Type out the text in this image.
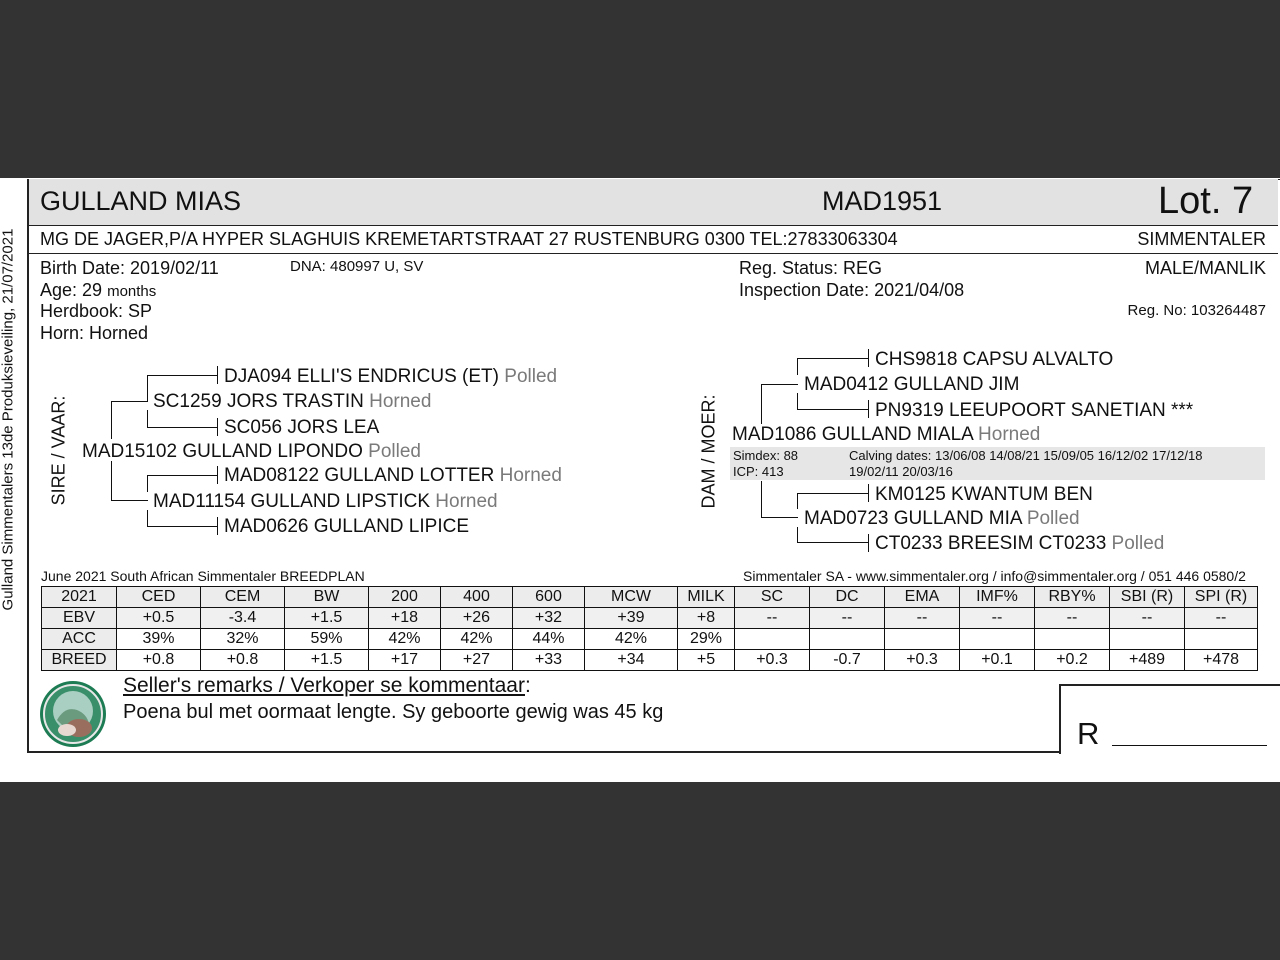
Gulland Simmentalers 13de Produksieveiling, 21/07/2021
GULLAND MIAS	MAD1951	Lot. 7
MG DE JAGER,P/A HYPER SLAGHUIS KREMETARTSTRAAT 27 RUSTENBURG 0300 TEL:27833063304	SIMMENTALER
Birth Date: 2019/02/11	DNA: 480997 U, SV
Age: 29 months
Herdbook: SP
Horn: Horned
Reg. Status: REG
Inspection Date: 2021/04/08
MALE/MANLIK
Reg. No: 103264487
SIRE / VAAR:
DJA094 ELLI'S ENDRICUS (ET) Polled
SC1259 JORS TRASTIN Horned
SC056 JORS LEA
MAD15102 GULLAND LIPONDO Polled
MAD08122 GULLAND LOTTER Horned
MAD11154 GULLAND LIPSTICK Horned
MAD0626 GULLAND LIPICE
DAM / MOER:
CHS9818 CAPSU ALVALTO
MAD0412 GULLAND JIM
PN9319 LEEUPOORT SANETIAN ***
MAD1086 GULLAND MIALA Horned
Simdex: 88
ICP: 413
Calving dates: 13/06/08 14/08/21 15/09/05 16/12/02 17/12/18
19/02/11 20/03/16
KM0125 KWANTUM BEN
MAD0723 GULLAND MIA Polled
CT0233 BREESIM CT0233 Polled
June 2021 South African Simmentaler BREEDPLAN	Simmentaler SA - www.simmentaler.org / info@simmentaler.org / 051 446 0580/2
2021	CED	CEM	BW	200	400	600	MCW	MILK	SC	DC	EMA	IMF%	RBY%	SBI (R)	SPI (R)
EBV	+0.5	-3.4	+1.5	+18	+26	+32	+39	+8	--	--	--	--	--	--	--
ACC	39%	32%	59%	42%	42%	44%	42%	29%							
BREED	+0.8	+0.8	+1.5	+17	+27	+33	+34	+5	+0.3	-0.7	+0.3	+0.1	+0.2	+489	+478
Seller's remarks / Verkoper se kommentaar:
Poena bul met oormaat lengte. Sy geboorte gewig was 45 kg
R
